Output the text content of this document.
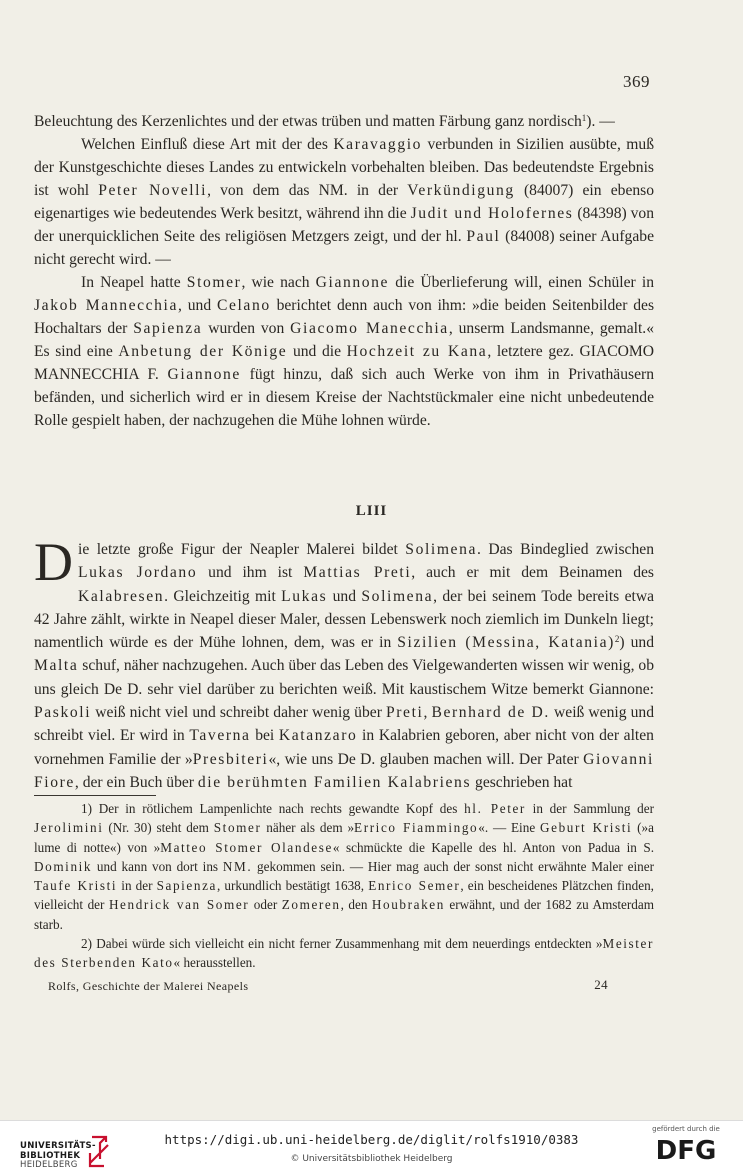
369

Beleuchtung des Kerzenlichtes und der etwas trüben und matten Färbung ganz nordisch$^1$). —

Welchen Einfluß diese Art mit der des Karavaggio verbunden in Sizilien ausübte, muß der Kunstgeschichte dieses Landes zu entwickeln vorbehalten bleiben. Das bedeutendste Ergebnis ist wohl Peter Novelli, von dem das NM. in der Verkündigung (84007) ein ebenso eigenartiges wie bedeutendes Werk besitzt, während ihn die Judit und Holofernes (84398) von der unerquicklichen Seite des religiösen Metzgers zeigt, und der hl. Paul (84008) seiner Aufgabe nicht gerecht wird. —

In Neapel hatte Stomer, wie nach Giannone die Überlieferung will, einen Schüler in Jakob Mannecchia, und Celano berichtet denn auch von ihm: »die beiden Seitenbilder des Hochaltars der Sapienza wurden von Giacomo Manecchia, unserm Landsmanne, gemalt.« Es sind eine Anbetung der Könige und die Hochzeit zu Kana, letztere gez. GIACOMO MANNECCHIA F. Giannone fügt hinzu, daß sich auch Werke von ihm in Privathäusern befänden, und sicherlich wird er in diesem Kreise der Nachtstückmaler eine nicht unbedeutende Rolle gespielt haben, der nachzugehen die Mühe lohnen würde.

LIII

Die letzte große Figur der Neapler Malerei bildet Solimena. Das Bindeglied zwischen Lukas Jordano und ihm ist Mattias Preti, auch er mit dem Beinamen des Kalabresen. Gleichzeitig mit Lukas und Solimena, der bei seinem Tode bereits etwa 42 Jahre zählt, wirkte in Neapel dieser Maler, dessen Lebenswerk noch ziemlich im Dunkeln liegt; namentlich würde es der Mühe lohnen, dem, was er in Sizilien (Messina, Katania)$^2$) und Malta schuf, näher nachzugehen. Auch über das Leben des Vielgewanderten wissen wir wenig, ob uns gleich De D. sehr viel darüber zu berichten weiß. Mit kaustischem Witze bemerkt Giannone: Paskoli weiß nicht viel und schreibt daher wenig über Preti, Bernhard de D. weiß wenig und schreibt viel. Er wird in Taverna bei Katanzaro in Kalabrien geboren, aber nicht von der alten vornehmen Familie der »Presbiteri«, wie uns De D. glauben machen will. Der Pater Giovanni Fiore, der ein Buch über die berühmten Familien Kalabriens geschrieben hat

1) Der in rötlichem Lampenlichte nach rechts gewandte Kopf des hl. Peter in der Sammlung der Jerolimini (Nr. 30) steht dem Stomer näher als dem »Errico Fiammingo«. — Eine Geburt Kristi (»a lume di notte«) von »Matteo Stomer Olandese« schmückte die Kapelle des hl. Anton von Padua in S. Dominik und kann von dort ins NM. gekommen sein. — Hier mag auch der sonst nicht erwähnte Maler einer Taufe Kristi in der Sapienza, urkundlich bestätigt 1638, Enrico Semer, ein bescheidenes Plätzchen finden, vielleicht der Hendrick van Somer oder Zomeren, den Houbraken erwähnt, und der 1682 zu Amsterdam starb.

2) Dabei würde sich vielleicht ein nicht ferner Zusammenhang mit dem neuerdings entdeckten »Meister des Sterbenden Kato« herausstellen.

Rolfs, Geschichte der Malerei Neapels	24
UNIVERSITÄTS-
BIBLIOTHEK
HEIDELBERG
https://digi.ub.uni-heidelberg.de/diglit/rolfs1910/0383
© Universitätsbibliothek Heidelberg
gefördert durch die
DFG
